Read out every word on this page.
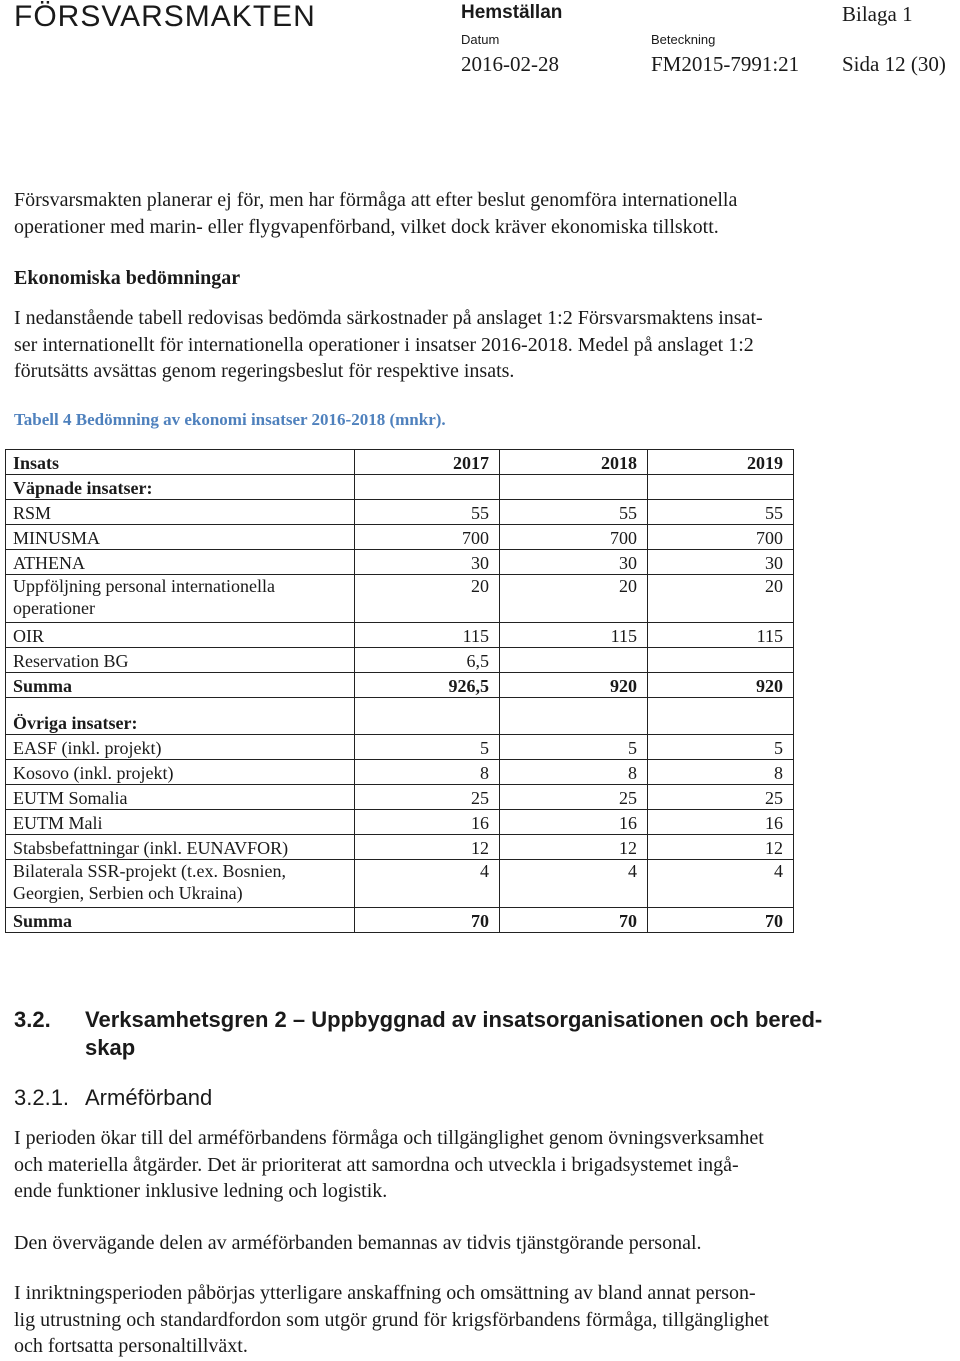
FÖRSVARSMAKTEN	Hemställan	Bilaga 1
Datum
2016-02-28
Beteckning
FM2015-7991:21 Sida 12 (30)
Försvarsmakten planerar ej för, men har förmåga att efter beslut genomföra internationella
operationer med marin- eller flygvapenförband, vilket dock kräver ekonomiska tillskott.
Ekonomiska bedömningar
I nedanstående tabell redovisas bedömda särkostnader på anslaget 1:2 Försvarsmaktens insat-
ser internationellt för internationella operationer i insatser 2016-2018. Medel på anslaget 1:2
förutsätts avsättas genom regeringsbeslut för respektive insats.
Tabell 4 Bedömning av ekonomi insatser 2016-2018 (mnkr).
Insats	2017	2018	2019
Väpnade insatser:			
RSM	55	55	55
MINUSMA	700	700	700
ATHENA	30	30	30
Uppföljning personal internationella operationer	20	20	20
OIR	115	115	115
Reservation BG	6,5		
Summa	926,5	920	920
Övriga insatser:			
EASF (inkl. projekt)	5	5	5
Kosovo (inkl. projekt)	8	8	8
EUTM Somalia	25	25	25
EUTM Mali	16	16	16
Stabsbefattningar (inkl. EUNAVFOR)	12	12	12
Bilaterala SSR-projekt (t.ex. Bosnien, Georgien, Serbien och Ukraina)	4	4	4
Summa	70	70	70
3.2. Verksamhetsgren 2 – Uppbyggnad av insatsorganisationen och bered-
skap
3.2.1. Arméförband
I perioden ökar till del arméförbandens förmåga och tillgänglighet genom övningsverksamhet
och materiella åtgärder. Det är prioriterat att samordna och utveckla i brigadsystemet ingå-
ende funktioner inklusive ledning och logistik.
Den övervägande delen av arméförbanden bemannas av tidvis tjänstgörande personal.
I inriktningsperioden påbörjas ytterligare anskaffning och omsättning av bland annat person-
lig utrustning och standardfordon som utgör grund för krigsförbandens förmåga, tillgänglighet
och fortsatta personaltillväxt.
